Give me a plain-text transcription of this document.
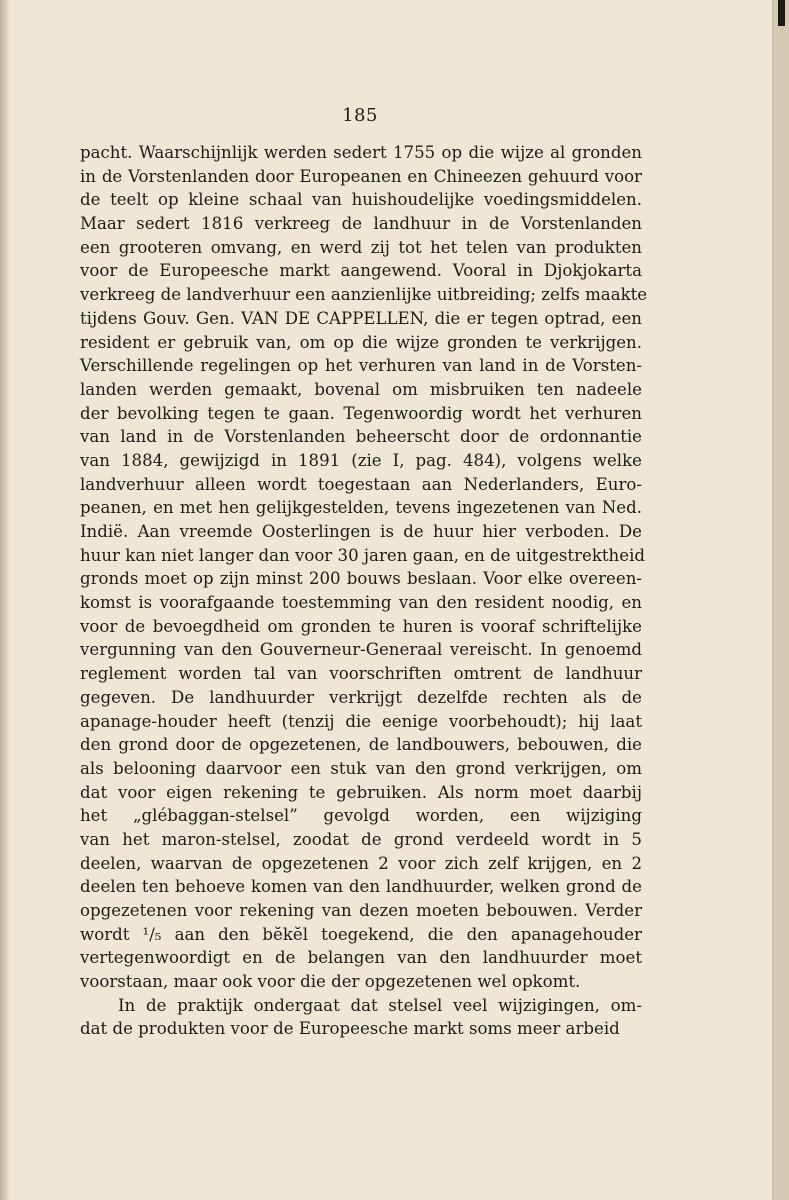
185
pacht. Waarschijnlijk werden sedert 1755 op die wijze al gronden
in de Vorstenlanden door Europeanen en Chineezen gehuurd voor
de teelt op kleine schaal van huishoudelijke voedingsmiddelen.
Maar sedert 1816 verkreeg de landhuur in de Vorstenlanden
een grooteren omvang, en werd zij tot het telen van produkten
voor de Europeesche markt aangewend. Vooral in Djokjokarta
verkreeg de landverhuur een aanzienlijke uitbreiding; zelfs maakte
tijdens Gouv. Gen. VAN DE CAPPELLEN, die er tegen optrad, een
resident er gebruik van, om op die wijze gronden te verkrijgen.
Verschillende regelingen op het verhuren van land in de Vorsten-
landen werden gemaakt, bovenal om misbruiken ten nadeele
der bevolking tegen te gaan. Tegenwoordig wordt het verhuren
van land in de Vorstenlanden beheerscht door de ordonnantie
van 1884, gewijzigd in 1891 (zie I, pag. 484), volgens welke
landverhuur alleen wordt toegestaan aan Nederlanders, Euro-
peanen, en met hen gelijkgestelden, tevens ingezetenen van Ned.
Indië. Aan vreemde Oosterlingen is de huur hier verboden. De
huur kan niet langer dan voor 30 jaren gaan, en de uitgestrektheid
gronds moet op zijn minst 200 bouws beslaan. Voor elke overeen-
komst is voorafgaande toestemming van den resident noodig, en
voor de bevoegdheid om gronden te huren is vooraf schriftelijke
vergunning van den Gouverneur-Generaal vereischt. In genoemd
reglement worden tal van voorschriften omtrent de landhuur
gegeven. De landhuurder verkrijgt dezelfde rechten als de
apanage-houder heeft (tenzij die eenige voorbehoudt); hij laat
den grond door de opgezetenen, de landbouwers, bebouwen, die
als belooning daarvoor een stuk van den grond verkrijgen, om
dat voor eigen rekening te gebruiken. Als norm moet daarbij
het „glébaggan-stelsel” gevolgd worden, een wijziging
van het maron-stelsel, zoodat de grond verdeeld wordt in 5
deelen, waarvan de opgezetenen 2 voor zich zelf krijgen, en 2
deelen ten behoeve komen van den landhuurder, welken grond de
opgezetenen voor rekening van dezen moeten bebouwen. Verder
wordt ¹/₅ aan den bĕkĕl toegekend, die den apanagehouder
vertegenwoordigt en de belangen van den landhuurder moet
voorstaan, maar ook voor die der opgezetenen wel opkomt.
In de praktijk ondergaat dat stelsel veel wijzigingen, om-
dat de produkten voor de Europeesche markt soms meer arbeid
